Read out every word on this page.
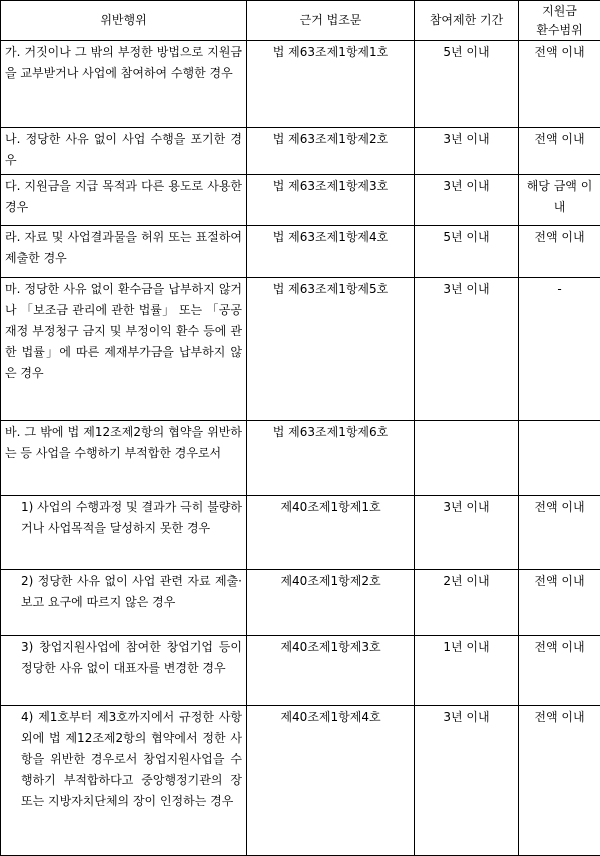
위반행위	근거 법조문	참여제한 기간	지원금
환수범위
가. 거짓이나 그 밖의 부정한 방법으로 지원금을 교부받거나 사업에 참여하여 수행한 경우	법 제63조제1항제1호	5년 이내	전액 이내
나. 정당한 사유 없이 사업 수행을 포기한 경우	법 제63조제1항제2호	3년 이내	전액 이내
다. 지원금을 지급 목적과 다른 용도로 사용한 경우	법 제63조제1항제3호	3년 이내	해당 금액 이내
라. 자료 및 사업결과물을 허위 또는 표절하여 제출한 경우	법 제63조제1항제4호	5년 이내	전액 이내
마. 정당한 사유 없이 환수금을 납부하지 않거나 「보조금 관리에 관한 법률」 또는 「공공재정 부정청구 금지 및 부정이익 환수 등에 관한 법률」에 따른 제재부가금을 납부하지 않은 경우	법 제63조제1항제5호	3년 이내	-
바. 그 밖에 법 제12조제2항의 협약을 위반하는 등 사업을 수행하기 부적합한 경우로서	법 제63조제1항제6호		
1) 사업의 수행과정 및 결과가 극히 불량하거나 사업목적을 달성하지 못한 경우	제40조제1항제1호	3년 이내	전액 이내
2) 정당한 사유 없이 사업 관련 자료 제출·보고 요구에 따르지 않은 경우	제40조제1항제2호	2년 이내	전액 이내
3) 창업지원사업에 참여한 창업기업 등이 정당한 사유 없이 대표자를 변경한 경우	제40조제1항제3호	1년 이내	전액 이내
4) 제1호부터 제3호까지에서 규정한 사항 외에 법 제12조제2항의 협약에서 정한 사항을 위반한 경우로서 창업지원사업을 수행하기 부적합하다고 중앙행정기관의 장 또는 지방자치단체의 장이 인정하는 경우	제40조제1항제4호	3년 이내	전액 이내
